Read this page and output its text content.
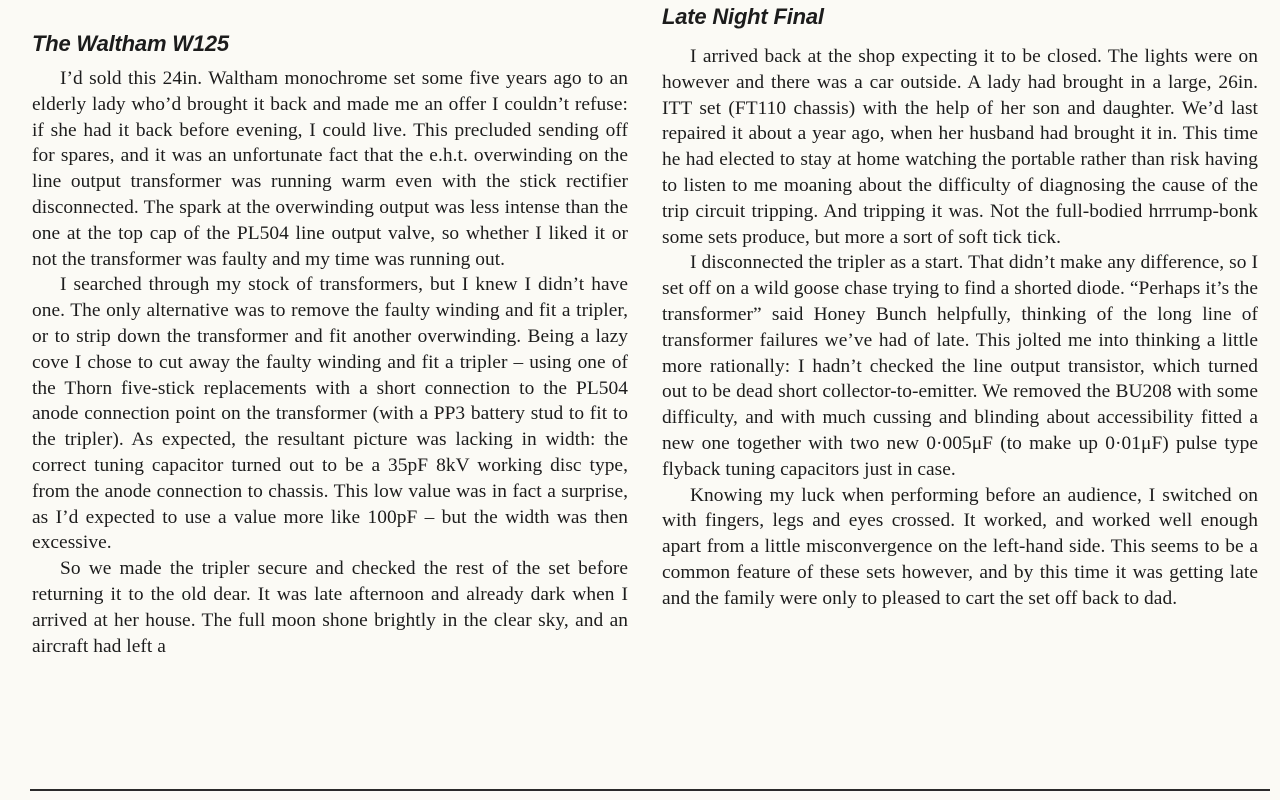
The Waltham W125

I’d sold this 24in. Waltham monochrome set some five years ago to an elderly lady who’d brought it back and made me an offer I couldn’t refuse: if she had it back before evening, I could live. This precluded sending off for spares, and it was an unfortunate fact that the e.h.t. overwinding on the line output transformer was running warm even with the stick rectifier disconnected. The spark at the overwinding output was less intense than the one at the top cap of the PL504 line output valve, so whether I liked it or not the transformer was faulty and my time was running out.

I searched through my stock of transformers, but I knew I didn’t have one. The only alternative was to remove the faulty winding and fit a tripler, or to strip down the transformer and fit another overwinding. Being a lazy cove I chose to cut away the faulty winding and fit a tripler – using one of the Thorn five-stick replacements with a short connection to the PL504 anode connection point on the transformer (with a PP3 battery stud to fit to the tripler). As expected, the resultant picture was lacking in width: the correct tuning capacitor turned out to be a 35pF 8kV working disc type, from the anode connection to chassis. This low value was in fact a surprise, as I’d expected to use a value more like 100pF – but the width was then excessive.

So we made the tripler secure and checked the rest of the set before returning it to the old dear. It was late afternoon and already dark when I arrived at her house. The full moon shone brightly in the clear sky, and an aircraft had left a

Late Night Final

I arrived back at the shop expecting it to be closed. The lights were on however and there was a car outside. A lady had brought in a large, 26in. ITT set (FT110 chassis) with the help of her son and daughter. We’d last repaired it about a year ago, when her husband had brought it in. This time he had elected to stay at home watching the portable rather than risk having to listen to me moaning about the difficulty of diagnosing the cause of the trip circuit tripping. And tripping it was. Not the full-bodied hrrrump-bonk some sets produce, but more a sort of soft tick tick.

I disconnected the tripler as a start. That didn’t make any difference, so I set off on a wild goose chase trying to find a shorted diode. “Perhaps it’s the transformer” said Honey Bunch helpfully, thinking of the long line of transformer failures we’ve had of late. This jolted me into thinking a little more rationally: I hadn’t checked the line output transistor, which turned out to be dead short collector-to-emitter. We removed the BU208 with some difficulty, and with much cussing and blinding about accessibility fitted a new one together with two new 0·005μF (to make up 0·01μF) pulse type flyback tuning capacitors just in case.

Knowing my luck when performing before an audience, I switched on with fingers, legs and eyes crossed. It worked, and worked well enough apart from a little misconvergence on the left-hand side. This seems to be a common feature of these sets however, and by this time it was getting late and the family were only to pleased to cart the set off back to dad.
